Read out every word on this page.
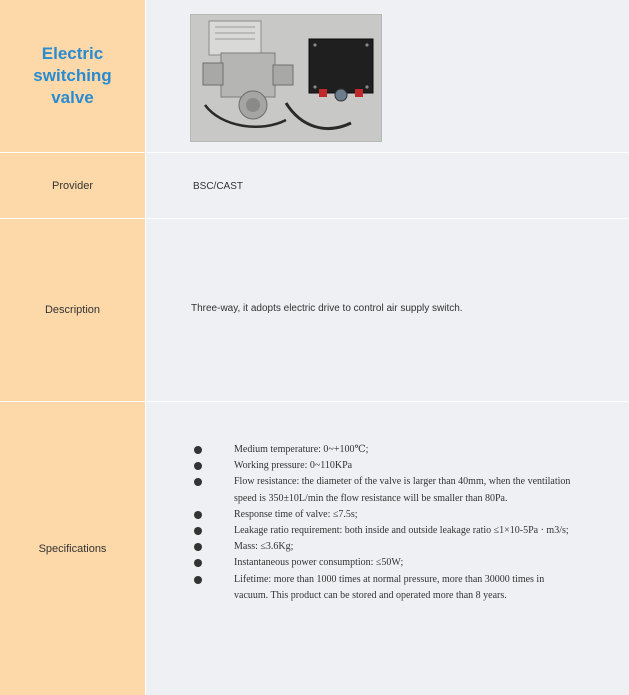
Electric switching valve
Provider	BSC/CAST
Description	Three-way, it adopts electric drive to control air supply switch.
Specifications
Medium temperature: 0~+100℃;
Working pressure: 0~110KPa
Flow resistance: the diameter of the valve is larger than 40mm, when the ventilation speed is 350±10L/min the flow resistance will be smaller than 80Pa.
Response time of valve: ≤7.5s;
Leakage ratio requirement: both inside and outside leakage ratio ≤1×10-5Pa · m3/s;
Mass: ≤3.6Kg;
Instantaneous power consumption: ≤50W;
Lifetime: more than 1000 times at normal pressure, more than 30000 times in vacuum. This product can be stored and operated more than 8 years.
